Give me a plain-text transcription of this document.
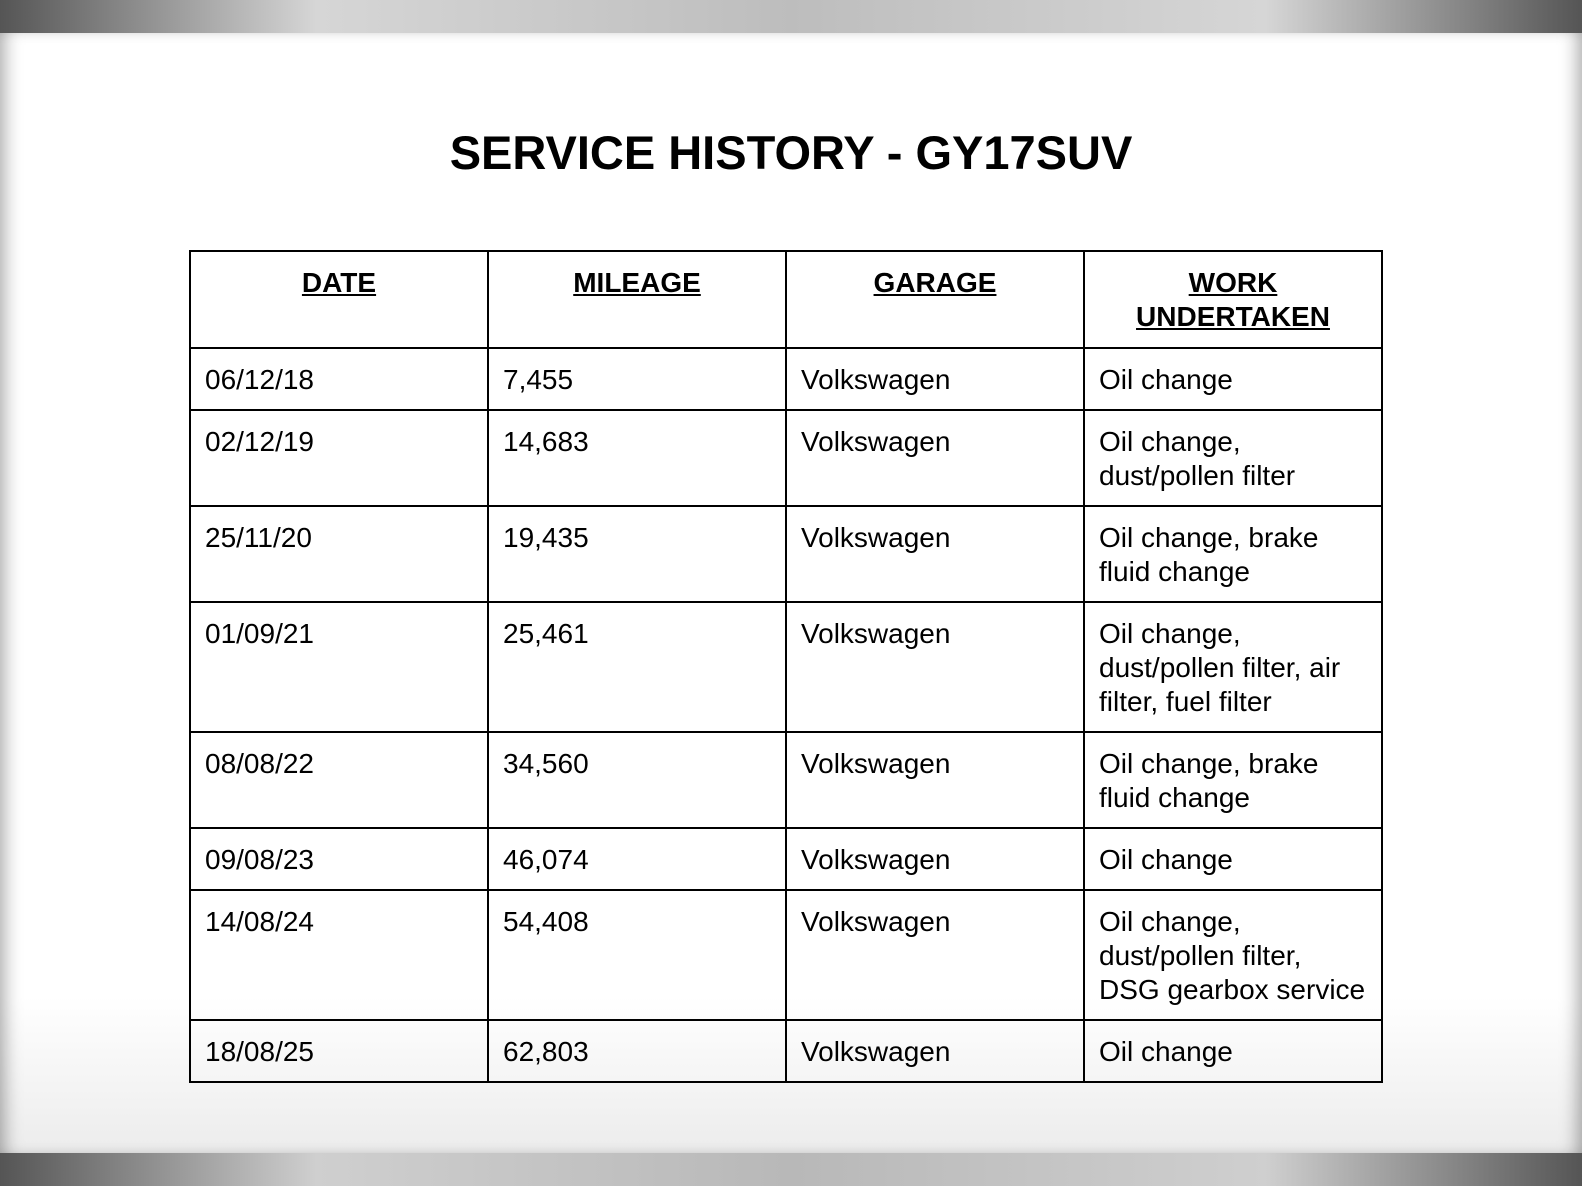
SERVICE HISTORY - GY17SUV
DATE	MILEAGE	GARAGE	WORK UNDERTAKEN
06/12/18	7,455	Volkswagen	Oil change
02/12/19	14,683	Volkswagen	Oil change, dust/pollen filter
25/11/20	19,435	Volkswagen	Oil change, brake fluid change
01/09/21	25,461	Volkswagen	Oil change, dust/pollen filter, air filter, fuel filter
08/08/22	34,560	Volkswagen	Oil change, brake fluid change
09/08/23	46,074	Volkswagen	Oil change
14/08/24	54,408	Volkswagen	Oil change, dust/pollen filter, DSG gearbox service
18/08/25	62,803	Volkswagen	Oil change
